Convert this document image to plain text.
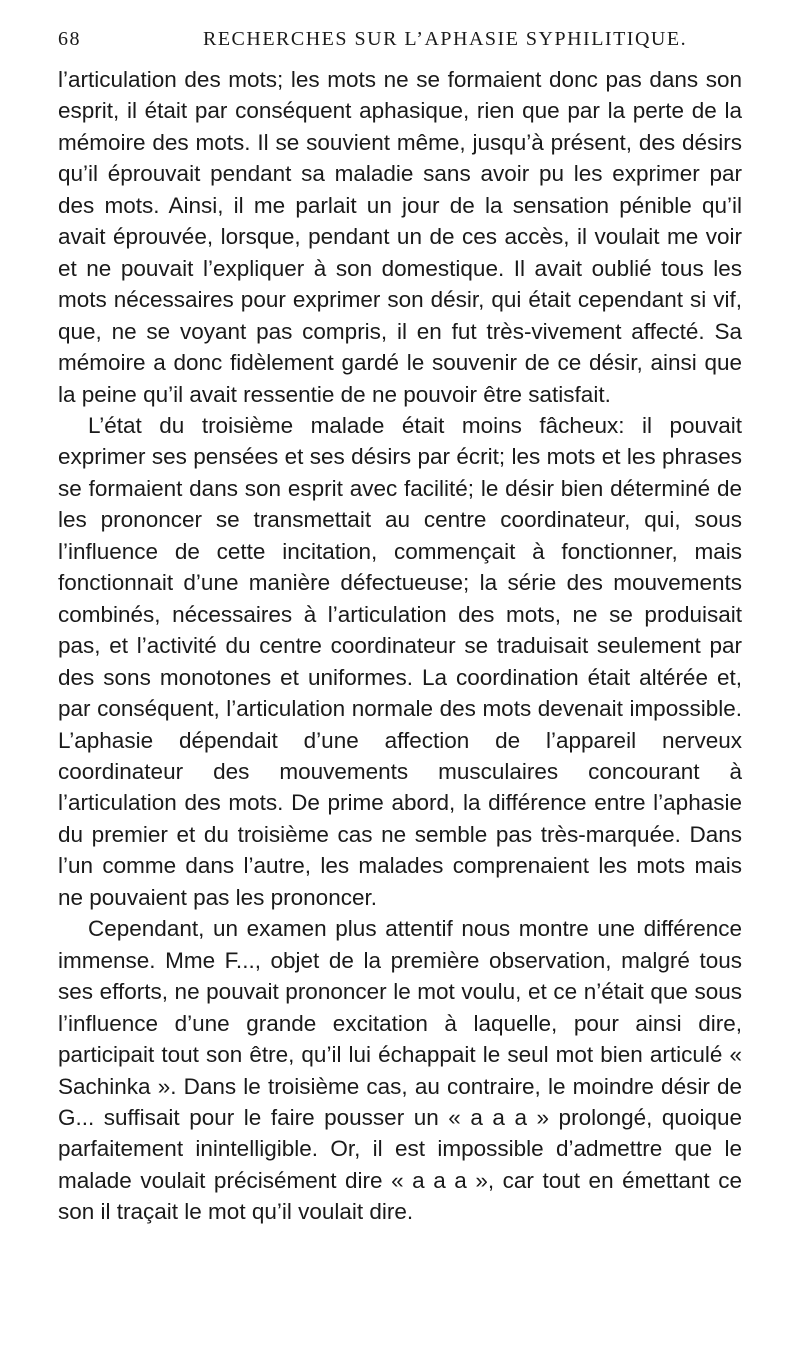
68	RECHERCHES SUR L’APHASIE SYPHILITIQUE.

l’articulation des mots; les mots ne se formaient donc pas dans son esprit, il était par conséquent aphasique, rien que par la perte de la mémoire des mots. Il se souvient même, jusqu’à présent, des désirs qu’il éprouvait pendant sa maladie sans avoir pu les exprimer par des mots. Ainsi, il me parlait un jour de la sensation pénible qu’il avait éprouvée, lorsque, pendant un de ces accès, il voulait me voir et ne pouvait l’expliquer à son domestique. Il avait oublié tous les mots nécessaires pour exprimer son désir, qui était cependant si vif, que, ne se voyant pas compris, il en fut très-vivement affecté. Sa mémoire a donc fidèlement gardé le souvenir de ce désir, ainsi que la peine qu’il avait ressentie de ne pouvoir être satisfait.

L’état du troisième malade était moins fâcheux: il pouvait exprimer ses pensées et ses désirs par écrit; les mots et les phrases se formaient dans son esprit avec facilité; le désir bien déterminé de les prononcer se transmettait au centre coordinateur, qui, sous l’influence de cette incitation, commençait à fonctionner, mais fonctionnait d’une manière défectueuse; la série des mouvements combinés, nécessaires à l’articulation des mots, ne se produisait pas, et l’activité du centre coordinateur se traduisait seulement par des sons monotones et uniformes. La coordination était altérée et, par conséquent, l’articulation normale des mots devenait impossible. L’aphasie dépendait d’une affection de l’appareil nerveux coordinateur des mouvements musculaires concourant à l’articulation des mots. De prime abord, la différence entre l’aphasie du premier et du troisième cas ne semble pas très-marquée. Dans l’un comme dans l’autre, les malades comprenaient les mots mais ne pouvaient pas les prononcer.

Cependant, un examen plus attentif nous montre une différence immense. Mme F..., objet de la première observation, malgré tous ses efforts, ne pouvait prononcer le mot voulu, et ce n’était que sous l’influence d’une grande excitation à laquelle, pour ainsi dire, participait tout son être, qu’il lui échappait le seul mot bien articulé « Sachinka ». Dans le troisième cas, au contraire, le moindre désir de G... suffisait pour le faire pousser un « a a a » prolongé, quoique parfaitement inintelligible. Or, il est impossible d’admettre que le malade voulait précisément dire « a a a », car tout en émettant ce son il traçait le mot qu’il voulait dire.
